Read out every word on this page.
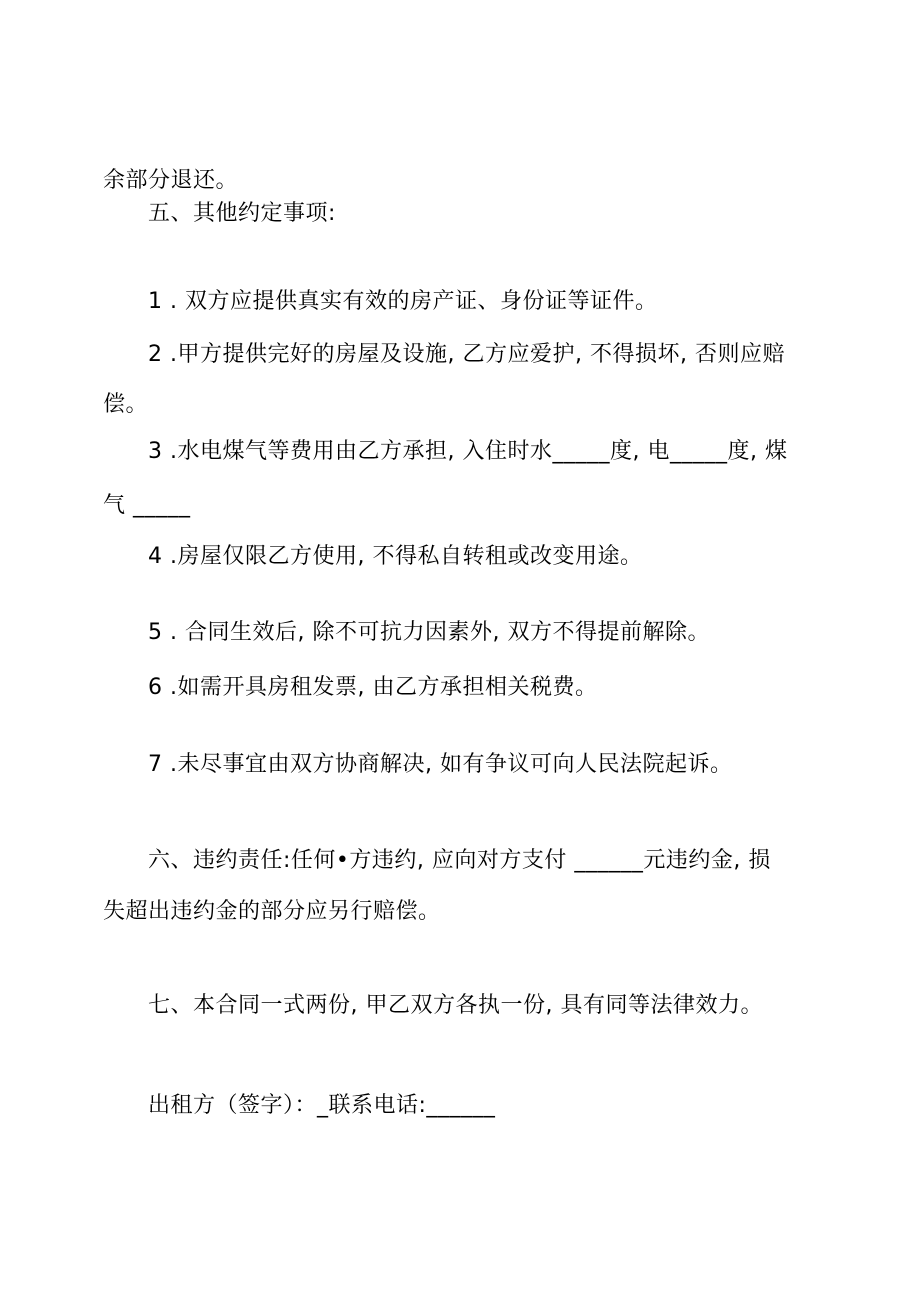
余部分退还。
五、其他约定事项:
1 . 双方应提供真实有效的房产证、身份证等证件。
2 .甲方提供完好的房屋及设施, 乙方应爱护, 不得损坏, 否则应赔
偿。
3 .水电煤气等费用由乙方承担, 入住时水_____度, 电_____度, 煤
气 _____
4 .房屋仅限乙方使用, 不得私自转租或改变用途。
5 . 合同生效后, 除不可抗力因素外, 双方不得提前解除。
6 .如需开具房租发票, 由乙方承担相关税费。
7 .未尽事宜由双方协商解决, 如有争议可向人民法院起诉。
六、违约责任:任何•方违约, 应向对方支付 ______元违约金, 损
失超出违约金的部分应另行赔偿。
七、本合同一式两份, 甲乙双方各执一份, 具有同等法律效力。
出租方（签字）：_联系电话:______
